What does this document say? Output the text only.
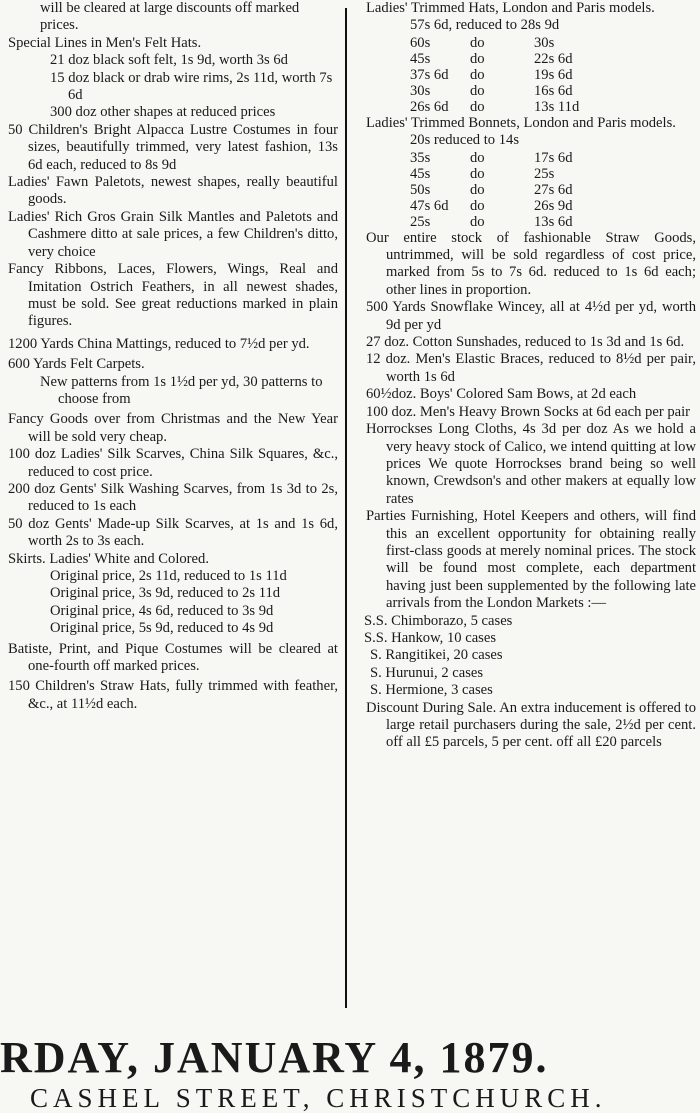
will be cleared at large discounts off marked prices.
Special Lines in Men's Felt Hats.
21 doz black soft felt, 1s 9d, worth 3s 6d
15 doz black or drab wire rims, 2s 11d, worth 7s 6d
300 doz other shapes at reduced prices
50 Children's Bright Alpacca Lustre Costumes in four sizes, beautifully trimmed, very latest fashion, 13s 6d each, reduced to 8s 9d
Ladies' Fawn Paletots, newest shapes, really beautiful goods.
Ladies' Rich Gros Grain Silk Mantles and Paletots and Cashmere ditto at sale prices, a few Children's ditto, very choice
Fancy Ribbons, Laces, Flowers, Wings, Real and Imitation Ostrich Feathers, in all newest shades, must be sold. See great reductions marked in plain figures.
1200 Yards China Mattings, reduced to 7½d per yd.
600 Yards Felt Carpets.
New patterns from 1s 1½d per yd, 30 patterns to choose from
Fancy Goods over from Christmas and the New Year will be sold very cheap.
100 doz Ladies' Silk Scarves, China Silk Squares, &c., reduced to cost price.
200 doz Gents' Silk Washing Scarves, from 1s 3d to 2s, reduced to 1s each
50 doz Gents' Made-up Silk Scarves, at 1s and 1s 6d, worth 2s to 3s each.
Skirts. Ladies' White and Colored.
Original price, 2s 11d, reduced to 1s 11d
Original price, 3s 9d, reduced to 2s 11d
Original price, 4s 6d, reduced to 3s 9d
Original price, 5s 9d, reduced to 4s 9d
Batiste, Print, and Pique Costumes will be cleared at one-fourth off marked prices.
150 Children's Straw Hats, fully trimmed with feather, &c., at 11½d each.
Ladies' Trimmed Hats, London and Paris models.
57s 6d, reduced to 28s 9d
60s	do	30s
45s	do	22s 6d
37s 6d	do	19s 6d
30s	do	16s 6d
26s 6d	do	13s 11d
Ladies' Trimmed Bonnets, London and Paris models.
20s reduced to 14s
35s	do	17s 6d
45s	do	25s
50s	do	27s 6d
47s 6d	do	26s 9d
25s	do	13s 6d
Our entire stock of fashionable Straw Goods, untrimmed, will be sold regardless of cost price, marked from 5s to 7s 6d. reduced to 1s 6d each; other lines in proportion.
500 Yards Snowflake Wincey, all at 4½d per yd, worth 9d per yd
27 doz. Cotton Sunshades, reduced to 1s 3d and 1s 6d.
12 doz. Men's Elastic Braces, reduced to 8½d per pair, worth 1s 6d
60½doz. Boys' Colored Sam Bows, at 2d each
100 doz. Men's Heavy Brown Socks at 6d each per pair
Horrockses Long Cloths, 4s 3d per doz As we hold a very heavy stock of Calico, we intend quitting at low prices We quote Horrockses brand being so well known, Crewdson's and other makers at equally low rates
Parties Furnishing, Hotel Keepers and others, will find this an excellent opportunity for obtaining really first-class goods at merely nominal prices. The stock will be found most complete, each department having just been supplemented by the following late arrivals from the London Markets :—
S.S. Chimborazo, 5 cases
S.S. Hankow, 10 cases
S. Rangitikei, 20 cases
S. Hurunui, 2 cases
S. Hermione, 3 cases
Discount During Sale. An extra inducement is offered to large retail purchasers during the sale, 2½d per cent. off all £5 parcels, 5 per cent. off all £20 parcels
RDAY, JANUARY 4, 1879.
CASHEL STREET, CHRISTCHURCH.
